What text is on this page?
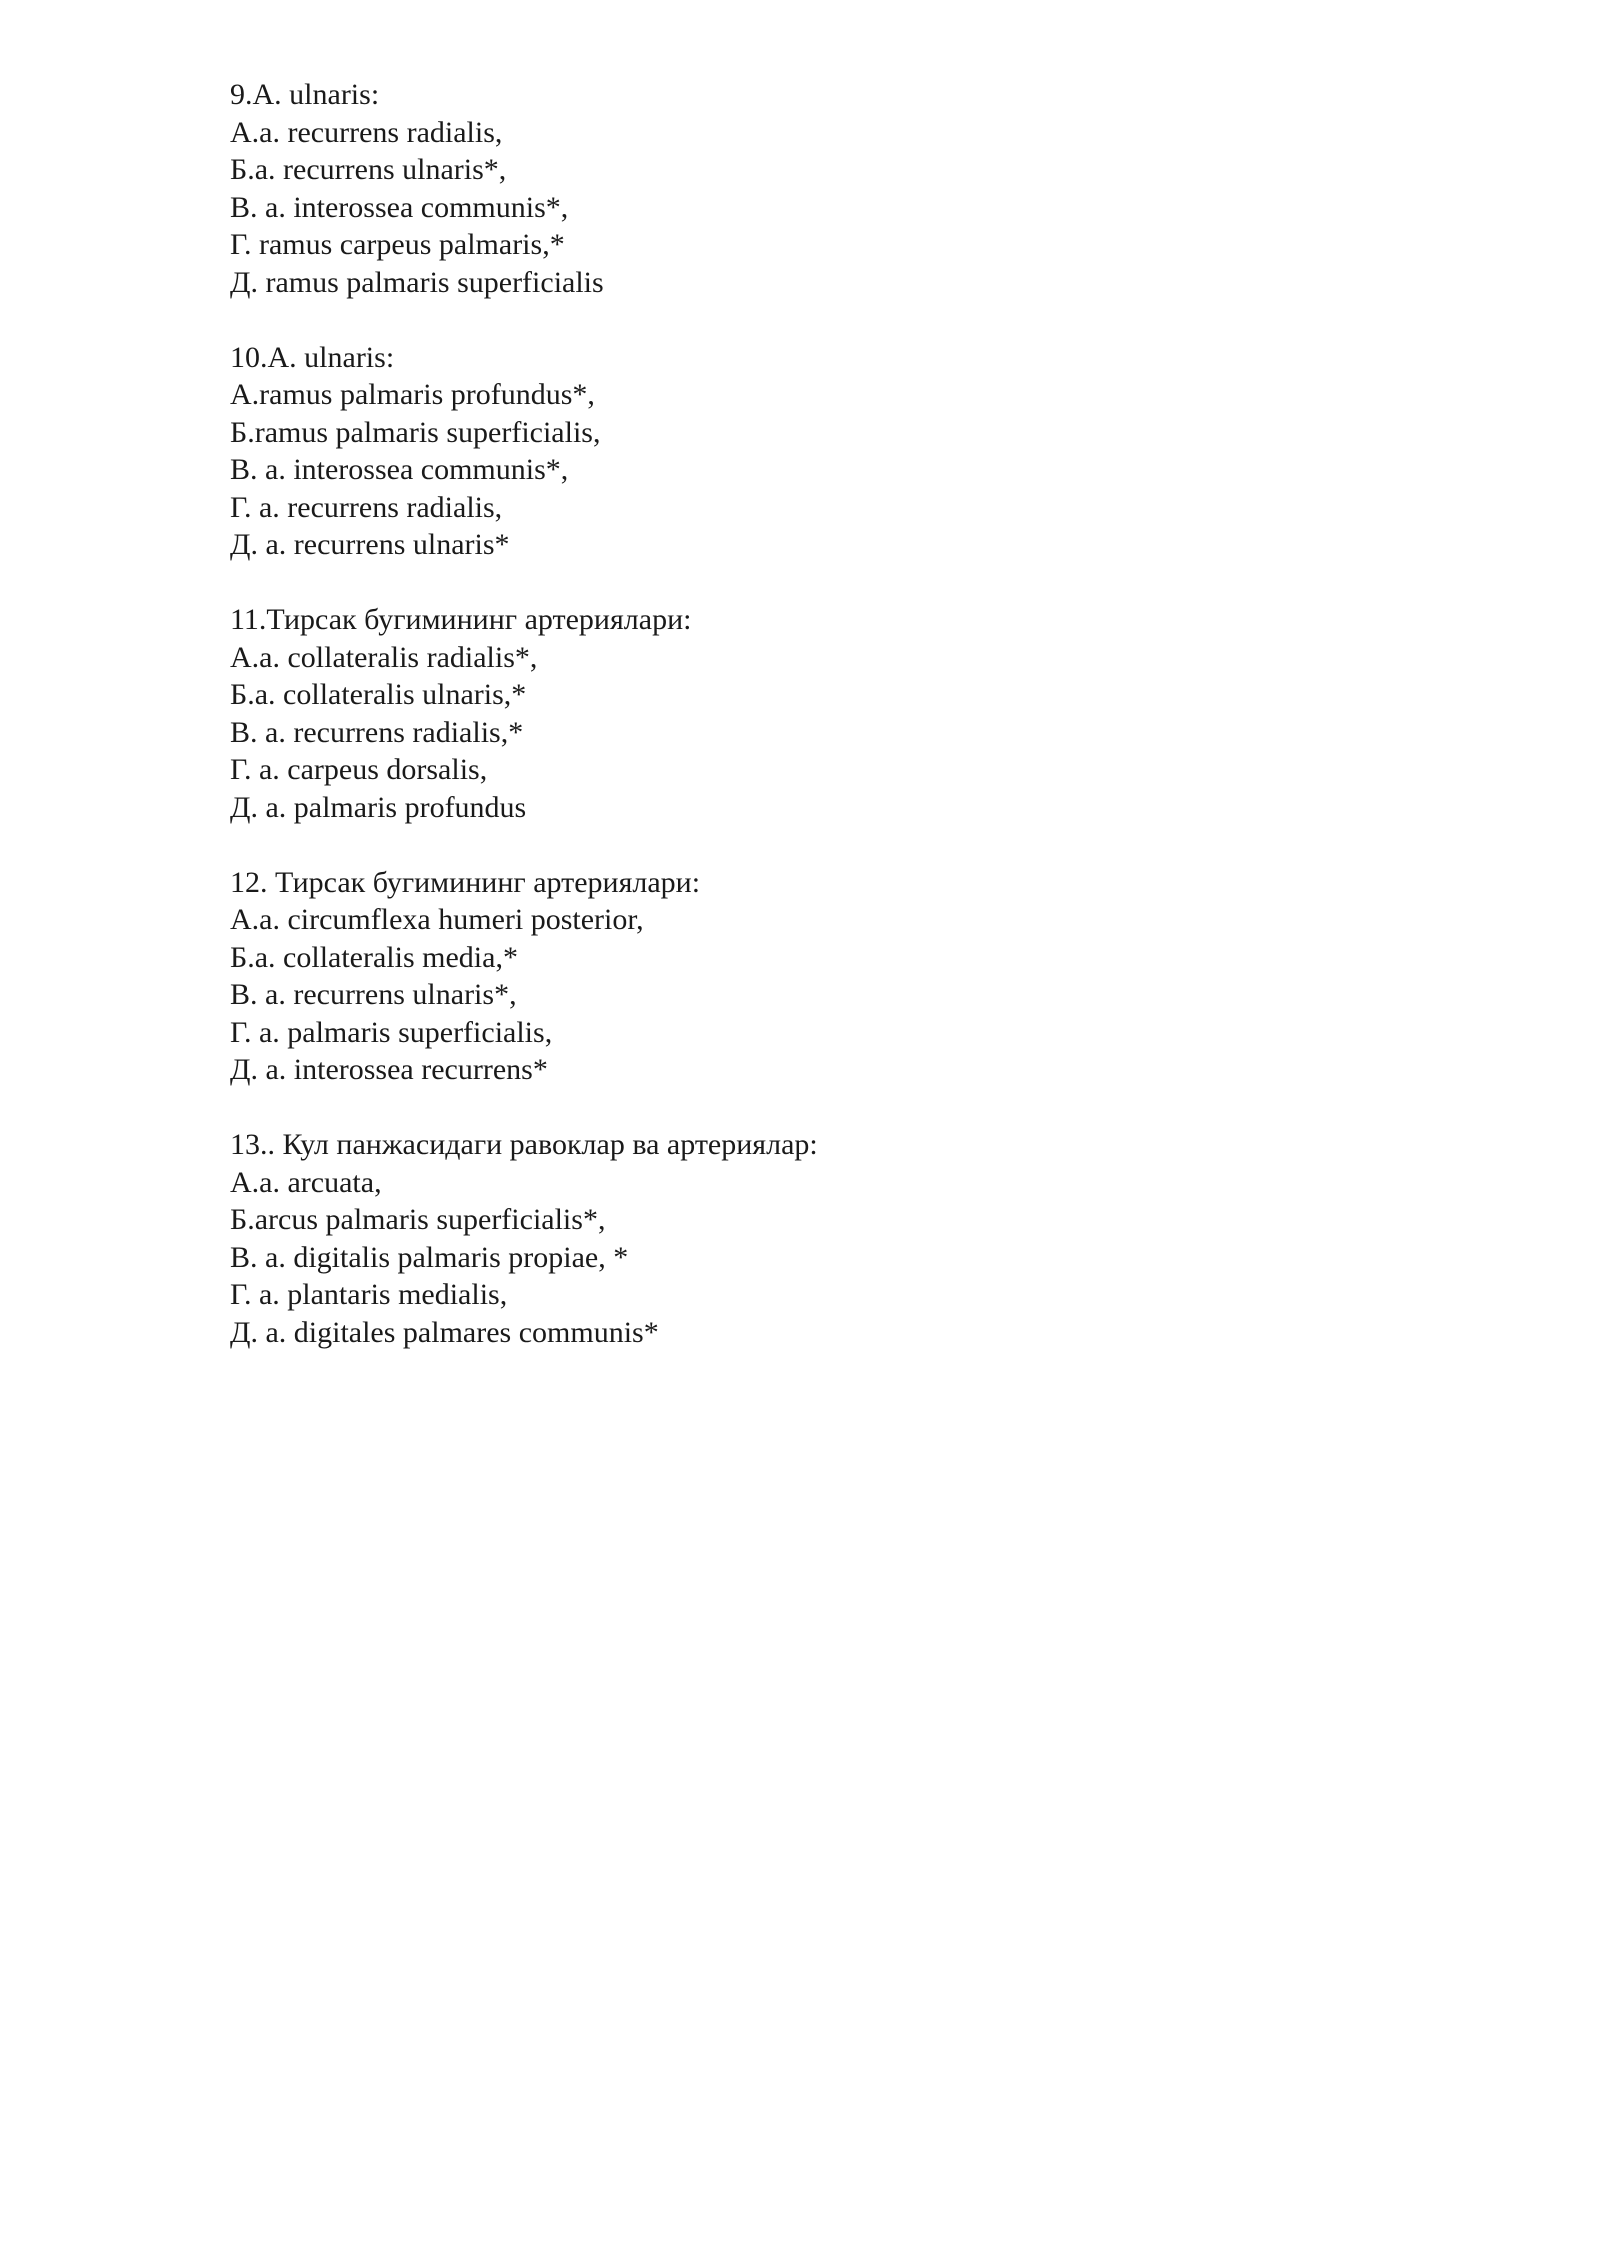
9.A. ulnaris:
A.a. recurrens radialis,
Б.a. recurrens ulnaris*,
B. a. interossea communis*,
Г. ramus carpeus palmaris,*
Д. ramus palmaris superficialis
10.A. ulnaris:
A.ramus palmaris profundus*,
Б.ramus palmaris superficialis,
B. a. interossea communis*,
Г. a. recurrens radialis,
Д. a. recurrens ulnaris*
11.Тирсак бугимининг артериялари:
A.a. collateralis radialis*,
Б.a. collateralis ulnaris,*
B. a. recurrens radialis,*
Г. a. carpeus dorsalis,
Д. a. palmaris profundus
12. Тирсак бугимининг артериялари:
A.a. circumflexa humeri posterior,
Б.a. collateralis media,*
B. a. recurrens ulnaris*,
Г. a. palmaris superficialis,
Д. a. interossea recurrens*
13.. Кул панжасидаги равоклар ва артериялар:
A.a. arcuata,
Б.arcus palmaris superficialis*,
B. a. digitalis palmaris propiae, *
Г. a. plantaris medialis,
Д. a. digitales palmares communis*
